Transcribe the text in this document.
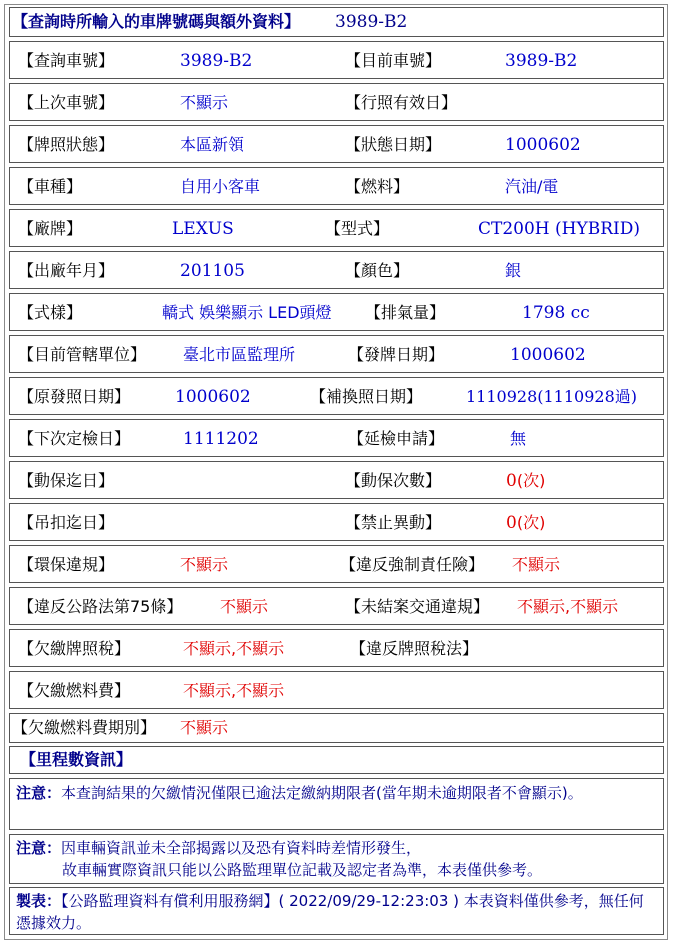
【查詢時所輸入的車牌號碼與額外資料】 3989-B2
【查詢車號】	3989-B2	【目前車號】	3989-B2
【上次車號】	不顯示	【行照有效日】
【牌照狀態】	本區新領	【狀態日期】	1000602
【車種】	自用小客車	【燃料】	汽油/電
【廠牌】	LEXUS	【型式】	CT200H (HYBRID)
【出廠年月】	201105	【顏色】	銀
【式樣】	轎式 娛樂顯示 LED頭燈 【排氣量】	1798 cc
【目前管轄單位】 臺北市區監理所	【發牌日期】	1000602
【原發照日期】	1000602	【補換照日期】	1110928(1110928過)
【下次定檢日】	1111202	【延檢申請】	無
【動保迄日】	【動保次數】	0(次)
【吊扣迄日】	【禁止異動】	0(次)
【環保違規】	不顯示	【違反強制責任險】 不顯示
【違反公路法第75條】 不顯示	【未結案交通違規】 不顯示,不顯示
【欠繳牌照稅】	不顯示,不顯示	【違反牌照稅法】
【欠繳燃料費】	不顯示,不顯示
【欠繳燃料費期別】 不顯示
【里程數資訊】
注意：本查詢結果的欠繳情況僅限已逾法定繳納期限者(當年期未逾期限者不會顯示)。
注意：因車輛資訊並未全部揭露以及恐有資料時差情形發生，
故車輛實際資訊只能以公路監理單位記載及認定者為準，本表僅供參考。
製表：【公路監理資料有償利用服務網】( 2022/09/29-12:23:03 ) 本表資料僅供參考，無任何憑據效力。
